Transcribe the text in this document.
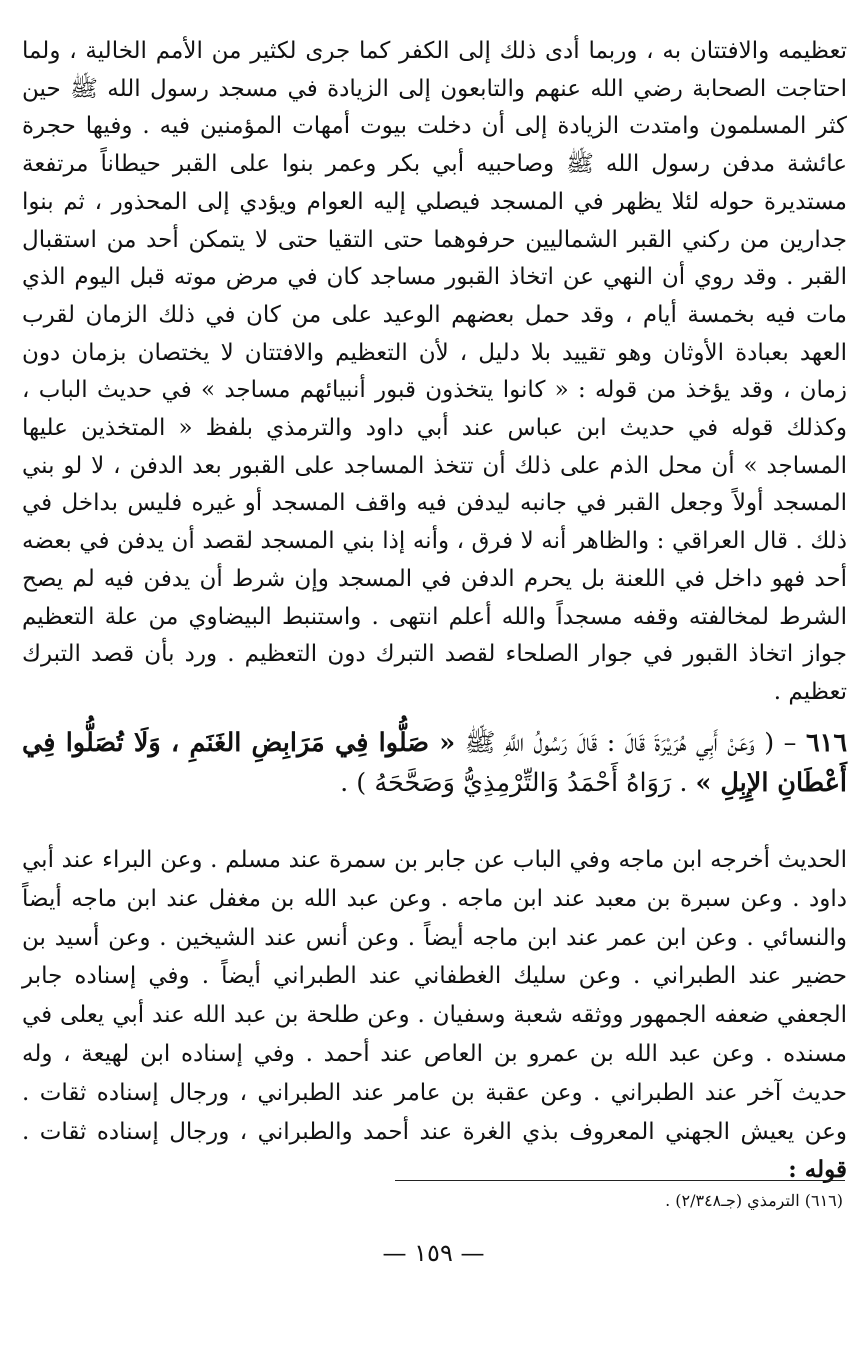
تعظيمه والافتتان به ، وربما أدى ذلك إلى الكفر كما جرى لكثير من الأمم الخالية ، ولما احتاجت الصحابة رضي الله عنهم والتابعون إلى الزيادة في مسجد رسول الله ﷺ حين كثر المسلمون وامتدت الزيادة إلى أن دخلت بيوت أمهات المؤمنين فيه . وفيها حجرة عائشة مدفن رسول الله ﷺ وصاحبيه أبي بكر وعمر بنوا على القبر حيطاناً مرتفعة مستديرة حوله لئلا يظهر في المسجد فيصلي إليه العوام ويؤدي إلى المحذور ، ثم بنوا جدارين من ركني القبر الشماليين حرفوهما حتى التقيا حتى لا يتمكن أحد من استقبال القبر . وقد روي أن النهي عن اتخاذ القبور مساجد كان في مرض موته قبل اليوم الذي مات فيه بخمسة أيام ، وقد حمل بعضهم الوعيد على من كان في ذلك الزمان لقرب العهد بعبادة الأوثان وهو تقييد بلا دليل ، لأن التعظيم والافتتان لا يختصان بزمان دون زمان ، وقد يؤخذ من قوله : « كانوا يتخذون قبور أنبيائهم مساجد » في حديث الباب ، وكذلك قوله في حديث ابن عباس عند أبي داود والترمذي بلفظ « المتخذين عليها المساجد » أن محل الذم على ذلك أن تتخذ المساجد على القبور بعد الدفن ، لا لو بني المسجد أولاً وجعل القبر في جانبه ليدفن فيه واقف المسجد أو غيره فليس بداخل في ذلك . قال العراقي : والظاهر أنه لا فرق ، وأنه إذا بني المسجد لقصد أن يدفن في بعضه أحد فهو داخل في اللعنة بل يحرم الدفن في المسجد وإن شرط أن يدفن فيه لم يصح الشرط لمخالفته وقفه مسجداً والله أعلم انتهى . واستنبط البيضاوي من علة التعظيم جواز اتخاذ القبور في جوار الصلحاء لقصد التبرك دون التعظيم . ورد بأن قصد التبرك تعظيم .

٦١٦ – ( وَعَنْ أَبِي هُرَيْرَةَ قَالَ : قَالَ رَسُولُ اللَّهِ ﷺ « صَلُّوا فِي مَرَابِضِ الغَنَمِ ، وَلَا تُصَلُّوا فِي أَعْطَانِ الإِبِلِ » . رَوَاهُ أَحْمَدُ وَالتِّرْمِذِيُّ وَصَحَّحَهُ ) .

الحديث أخرجه ابن ماجه وفي الباب عن جابر بن سمرة عند مسلم . وعن البراء عند أبي داود . وعن سبرة بن معبد عند ابن ماجه . وعن عبد الله بن مغفل عند ابن ماجه أيضاً والنسائي . وعن ابن عمر عند ابن ماجه أيضاً . وعن أنس عند الشيخين . وعن أسيد بن حضير عند الطبراني . وعن سليك الغطفاني عند الطبراني أيضاً . وفي إسناده جابر الجعفي ضعفه الجمهور ووثقه شعبة وسفيان . وعن طلحة بن عبد الله عند أبي يعلى في مسنده . وعن عبد الله بن عمرو بن العاص عند أحمد . وفي إسناده ابن لهيعة ، وله حديث آخر عند الطبراني . وعن عقبة بن عامر عند الطبراني ، ورجال إسناده ثقات . وعن يعيش الجهني المعروف بذي الغرة عند أحمد والطبراني ، ورجال إسناده ثقات . قوله :

(٦١٦) الترمذي (جـ٢/٣٤٨) .
— ١٥٩ —
